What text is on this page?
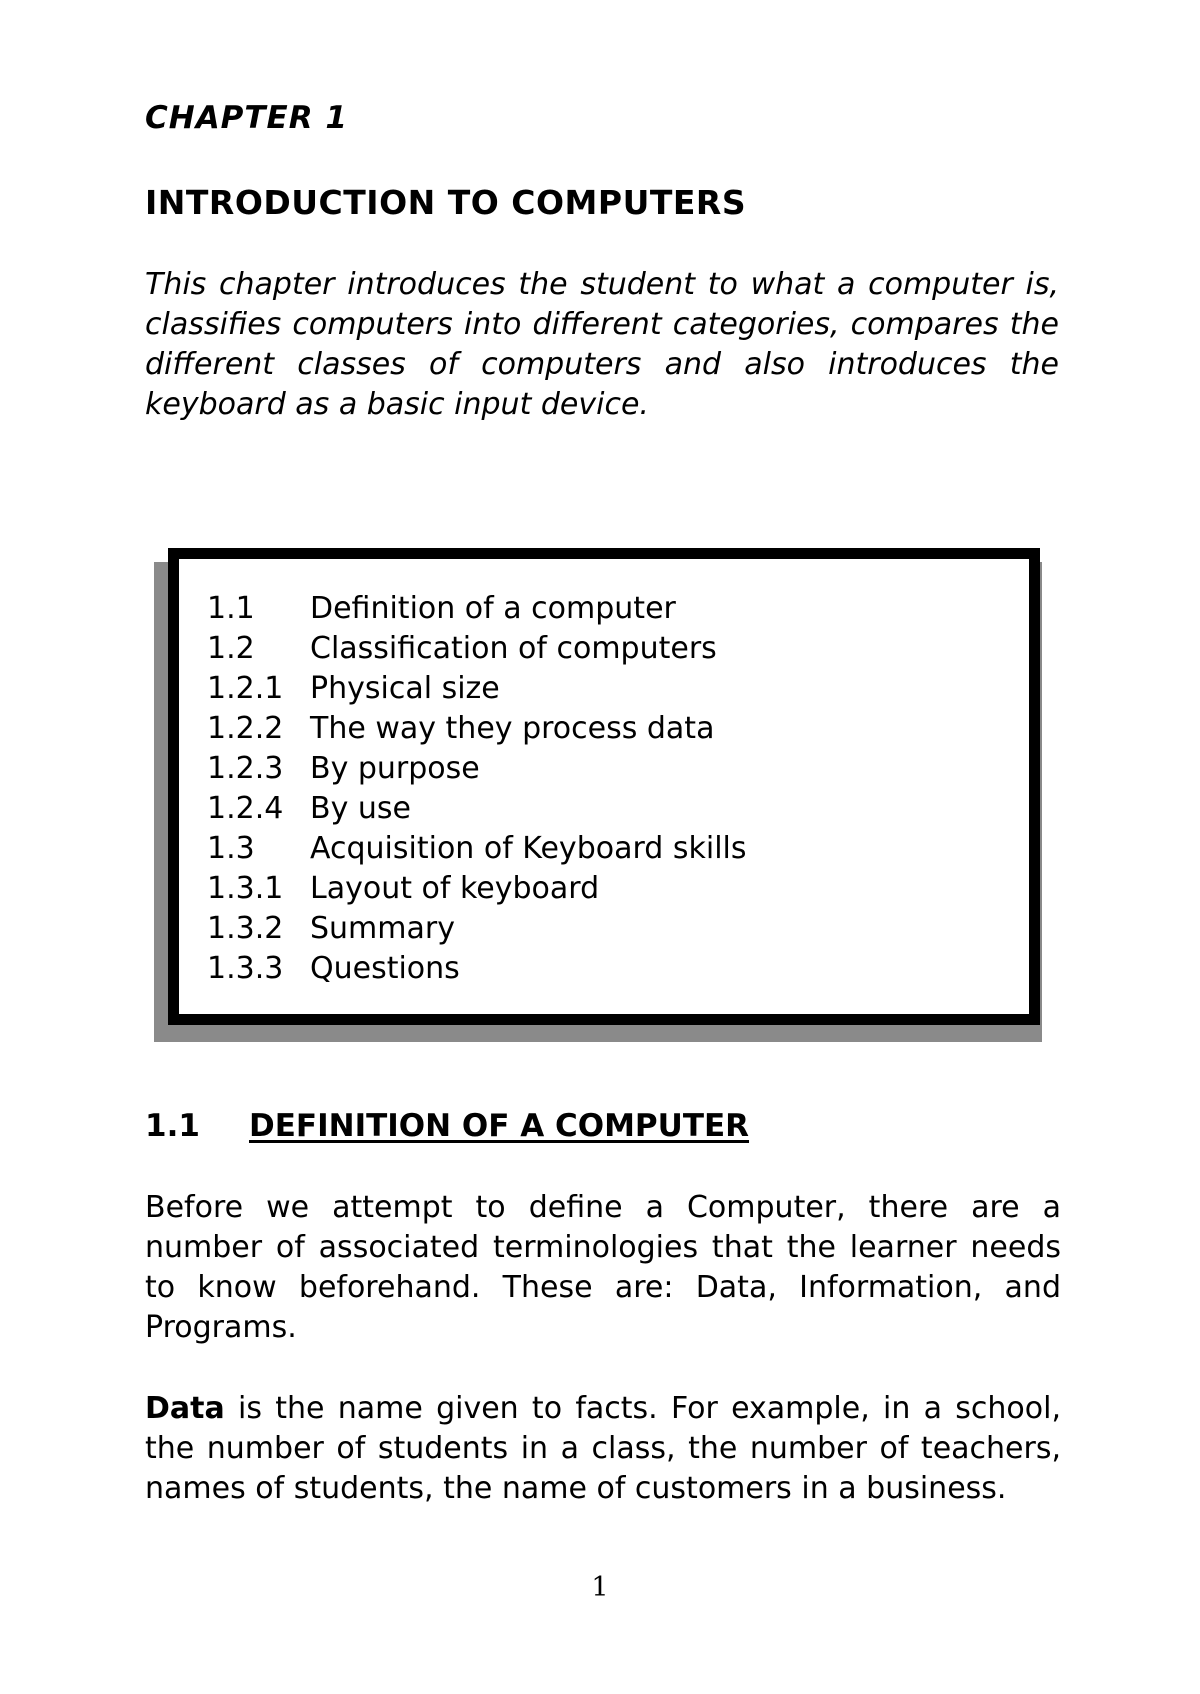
CHAPTER 1

INTRODUCTION TO COMPUTERS

This chapter introduces the student to what a computer is, classifies computers into different categories, compares the different classes of computers and also introduces the keyboard as a basic input device.

1.1	Definition of a computer
1.2	Classification of computers
1.2.1 Physical size
1.2.2 The way they process data
1.2.3 By purpose
1.2.4 By use
1.3	Acquisition of Keyboard skills
1.3.1 Layout of keyboard
1.3.2 Summary
1.3.3 Questions
1.1 DEFINITION OF A COMPUTER

Before we attempt to define a Computer, there are a number of associated terminologies that the learner needs to know beforehand. These are: Data, Information, and Programs.

Data is the name given to facts. For example, in a school, the number of students in a class, the number of teachers, names of students, the name of customers in a business.

1
